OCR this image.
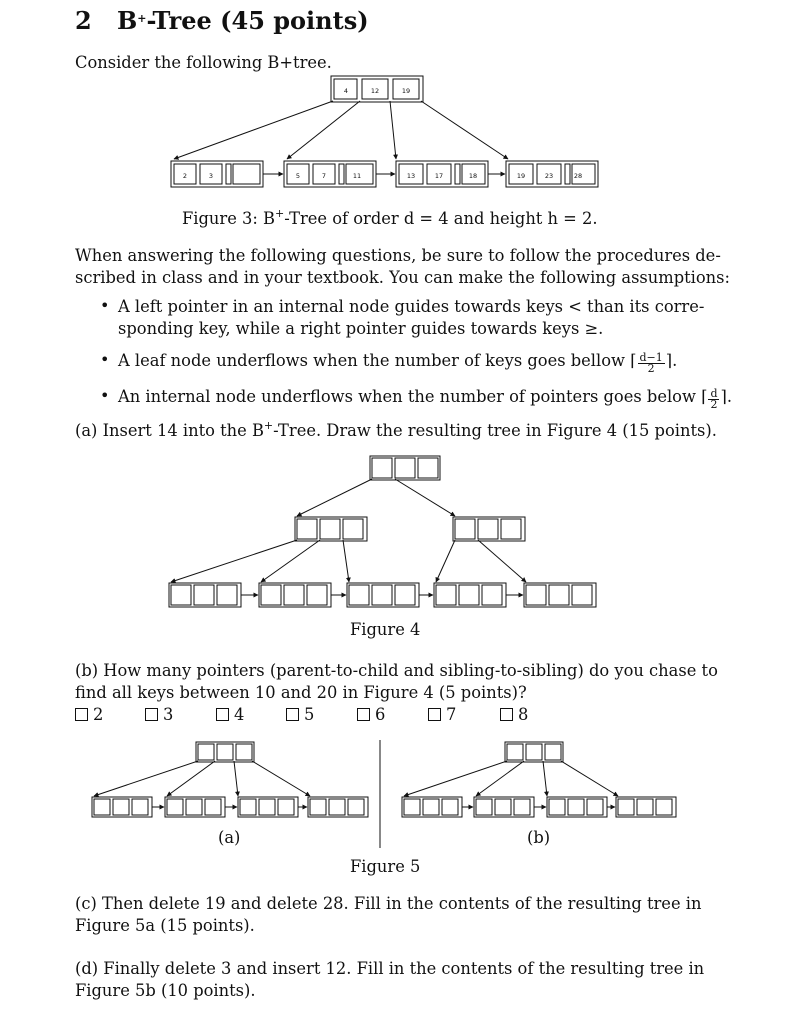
2 B+-Tree (45 points)
Consider the following B+tree.
4	12	19
2	3	5	7	11	13	17	18	19	23	28
Figure 3: B+-Tree of order d = 4 and height h = 2.
When answering the following questions, be sure to follow the procedures de-
scribed in class and in your textbook. You can make the following assumptions:
• A left pointer in an internal node guides towards keys < than its corre-
sponding key, while a right pointer guides towards keys ≥.
• A leaf node underflows when the number of keys goes bellow ⌈ $\frac{d-1}{2}$ ⌉.
• An internal node underflows when the number of pointers goes below ⌈ $\frac{d}{2}$ ⌉.
(a) Insert 14 into the B+-Tree. Draw the resulting tree in Figure 4 (15 points).
Figure 4
(b) How many pointers (parent-to-child and sibling-to-sibling) do you chase to
find all keys between 10 and 20 in Figure 4 (5 points)?
2	3	4	5	6	7	8
(a)	(b)
Figure 5
(c) Then delete 19 and delete 28. Fill in the contents of the resulting tree in
Figure 5a (15 points).
(d) Finally delete 3 and insert 12. Fill in the contents of the resulting tree in
Figure 5b (10 points).
